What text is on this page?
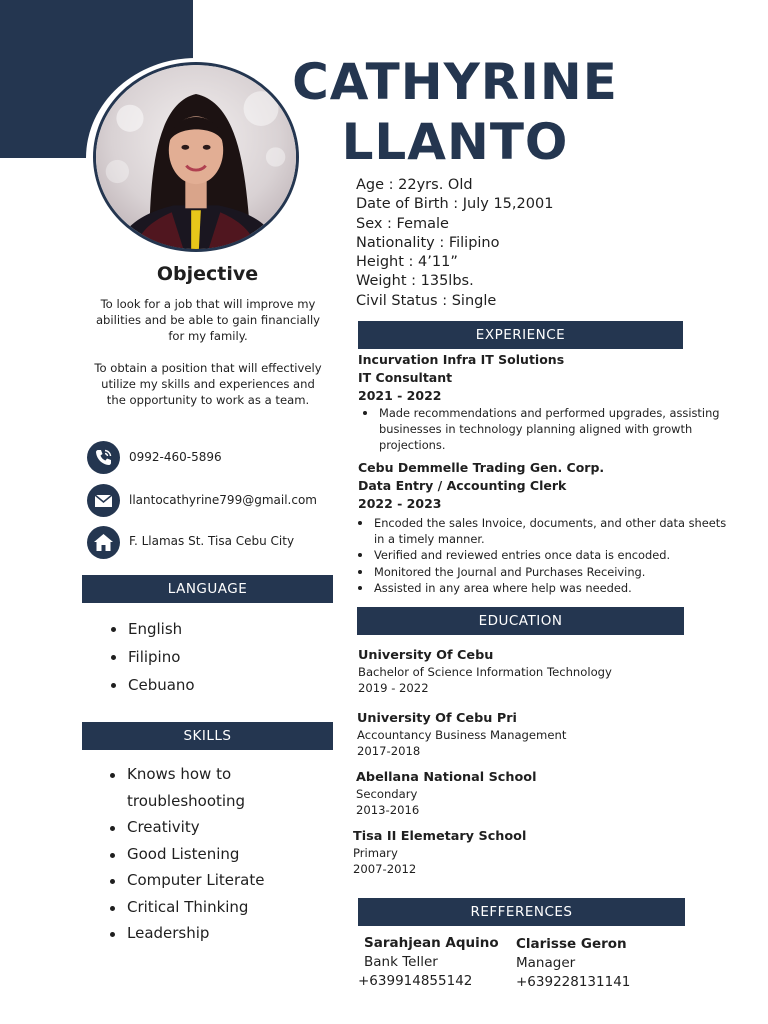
CATHYRINE
LLANTO
Age : 22yrs. Old
Date of Birth : July 15,2001
Sex : Female
Nationality : Filipino
Height : 4’11”
Weight : 135lbs.
Civil Status : Single
Objective
To look for a job that will improve my abilities and be able to gain financially for my family.
To obtain a position that will effectively utilize my skills and experiences and the opportunity to work as a team.
0992-460-5896
llantocathyrine799@gmail.com
F. Llamas St. Tisa Cebu City
LANGUAGE
English
Filipino
Cebuano
SKILLS
Knows how to troubleshooting
Creativity
Good Listening
Computer Literate
Critical Thinking
Leadership
EXPERIENCE
Incurvation Infra IT Solutions
IT Consultant
2021 - 2022
Made recommendations and performed upgrades, assisting businesses in technology planning aligned with growth projections.
Cebu Demmelle Trading Gen. Corp.
Data Entry / Accounting Clerk
2022 - 2023
Encoded the sales Invoice, documents, and other data sheets in a timely manner.
Verified and reviewed entries once data is encoded.
Monitored the Journal and Purchases Receiving.
Assisted in any area where help was needed.
EDUCATION
University Of Cebu
Bachelor of Science Information Technology
2019 - 2022
University Of Cebu Pri
Accountancy Business Management
2017-2018
Abellana National School
Secondary
2013-2016
Tisa II Elemetary School
Primary
2007-2012
REFFERENCES
Sarahjean Aquino
Bank Teller
+639914855142
Clarisse Geron
Manager
+639228131141
